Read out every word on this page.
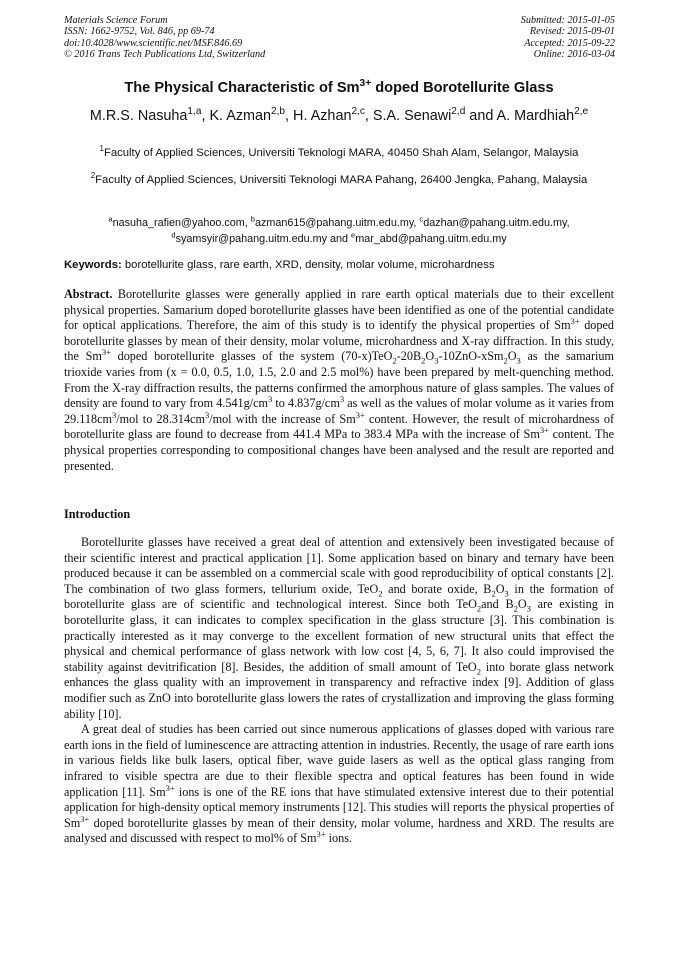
Materials Science Forum
ISSN: 1662-9752, Vol. 846, pp 69-74
doi:10.4028/www.scientific.net/MSF.846.69
© 2016 Trans Tech Publications Ltd, Switzerland
Submitted: 2015-01-05
Revised: 2015-09-01
Accepted: 2015-09-22
Online: 2016-03-04
The Physical Characteristic of $Sm^{3+}$ doped Borotellurite Glass
M.R.S. Nasuha$^{1,a}$, K. Azman$^{2,b}$, H. Azhan$^{2,c}$, S.A. Senawi$^{2,d}$ and A. Mardhiah$^{2,e}$
$^1$Faculty of Applied Sciences, Universiti Teknologi MARA, 40450 Shah Alam, Selangor, Malaysia
$^2$Faculty of Applied Sciences, Universiti Teknologi MARA Pahang, 26400 Jengka, Pahang, Malaysia
$^a$nasuha_rafien@yahoo.com, $^b$azman615@pahang.uitm.edu.my, $^c$dazhan@pahang.uitm.edu.my,
$^d$syamsyir@pahang.uitm.edu.my and $^e$mar_abd@pahang.uitm.edu.my
Keywords: borotellurite glass, rare earth, XRD, density, molar volume, microhardness
Abstract. Borotellurite glasses were generally applied in rare earth optical materials due to their excellent physical properties. Samarium doped borotellurite glasses have been identified as one of the potential candidate for optical applications. Therefore, the aim of this study is to identify the physical properties of $Sm^{3+}$ doped borotellurite glasses by mean of their density, molar volume, microhardness and X-ray diffraction. In this study, the $Sm^{3+}$ doped borotellurite glasses of the system $(70-x)TeO_2-20B_2O_3-10ZnO-xSm_2O_3$ as the samarium trioxide varies from (x = 0.0, 0.5, 1.0, 1.5, 2.0 and 2.5 mol%) have been prepared by melt-quenching method. From the X-ray diffraction results, the patterns confirmed the amorphous nature of glass samples. The values of density are found to vary from $4.541g/cm^3$ to $4.837g/cm^3$ as well as the values of molar volume as it varies from $29.118cm^3$/mol to $28.314cm^3$/mol with the increase of $Sm^{3+}$ content. However, the result of microhardness of borotellurite glass are found to decrease from 441.4 MPa to 383.4 MPa with the increase of $Sm^{3+}$ content. The physical properties corresponding to compositional changes have been analysed and the result are reported and presented.
Introduction

Borotellurite glasses have received a great deal of attention and extensively been investigated because of their scientific interest and practical application [1]. Some application based on binary and ternary have been produced because it can be assembled on a commercial scale with good reproducibility of optical constants [2]. The combination of two glass formers, tellurium oxide, TeO$_2$ and borate oxide, $B_2O_3$ in the formation of borotellurite glass are of scientific and technological interest. Since both TeO$_2$and $B_2O_3$ are existing in borotellurite glass, it can indicates to complex specification in the glass structure [3]. This combination is practically interested as it may converge to the excellent formation of new structural units that effect the physical and chemical performance of glass network with low cost [4, 5, 6, 7]. It also could improvised the stability against devitrification [8]. Besides, the addition of small amount of TeO$_2$ into borate glass network enhances the glass quality with an improvement in transparency and refractive index [9]. Addition of glass modifier such as ZnO into borotellurite glass lowers the rates of crystallization and improving the glass forming ability [10].

A great deal of studies has been carried out since numerous applications of glasses doped with various rare earth ions in the field of luminescence are attracting attention in industries. Recently, the usage of rare earth ions in various fields like bulk lasers, optical fiber, wave guide lasers as well as the optical glass ranging from infrared to visible spectra are due to their flexible spectra and optical features has been found in wide application [11]. $Sm^{3+}$ ions is one of the RE ions that have stimulated extensive interest due to their potential application for high-density optical memory instruments [12]. This studies will reports the physical properties of $Sm^{3+}$ doped borotellurite glasses by mean of their density, molar volume, hardness and XRD. The results are analysed and discussed with respect to mol% of $Sm^{3+}$ ions.
